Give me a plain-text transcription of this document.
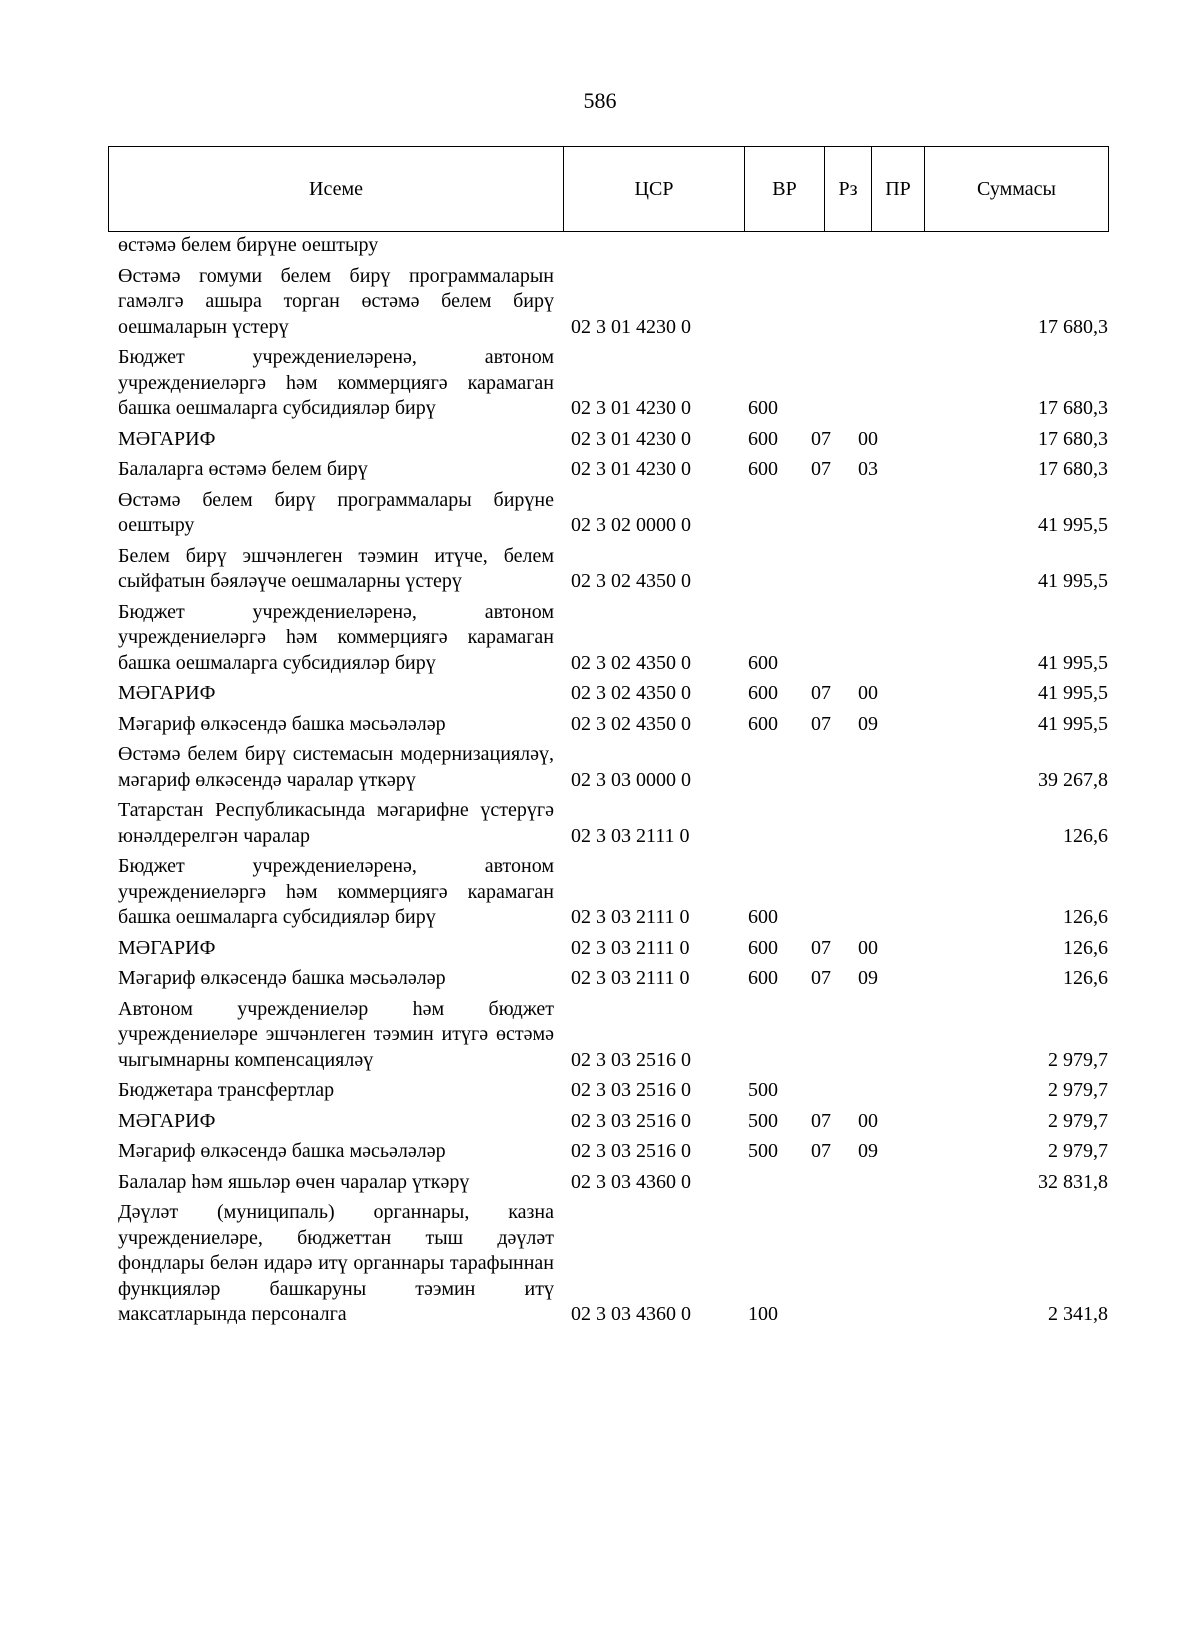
586
Исеме	ЦСР	ВР	Рз	ПР	Суммасы
өстәмә белем бирүне оештыру
Өстәмә гомуми белем бирү программаларын гамәлгә ашыра торган өстәмә белем бирү оешмаларын үстерү	02 3 01 4230 0	17 680,3
Бюджет учреждениеләренә, автоном учреждениеләргә һәм коммерциягә карамаган башка оешмаларга субсидияләр бирү	02 3 01 4230 0	600	17 680,3
МӘГАРИФ	02 3 01 4230 0	600 07 00	17 680,3
Балаларга өстәмә белем бирү	02 3 01 4230 0	600 07 03	17 680,3
Өстәмә белем бирү программалары бирүне оештыру	02 3 02 0000 0	41 995,5
Белем бирү эшчәнлеген тәэмин итүче, белем сыйфатын бәяләүче оешмаларны үстерү	02 3 02 4350 0	41 995,5
Бюджет учреждениеләренә, автоном учреждениеләргә һәм коммерциягә карамаган башка оешмаларга субсидияләр бирү	02 3 02 4350 0	600	41 995,5
МӘГАРИФ	02 3 02 4350 0	600 07 00	41 995,5
Мәгариф өлкәсендә башка мәсьәләләр	02 3 02 4350 0	600 07 09	41 995,5
Өстәмә белем бирү системасын модернизацияләү, мәгариф өлкәсендә чаралар үткәрү	02 3 03 0000 0	39 267,8
Татарстан Республикасында мәгарифне үстерүгә юнәлдерелгән чаралар	02 3 03 2111 0	126,6
Бюджет учреждениеләренә, автоном учреждениеләргә һәм коммерциягә карамаган башка оешмаларга субсидияләр бирү	02 3 03 2111 0	600	126,6
МӘГАРИФ	02 3 03 2111 0	600 07 00	126,6
Мәгариф өлкәсендә башка мәсьәләләр	02 3 03 2111 0	600 07 09	126,6
Автоном учреждениеләр һәм бюджет учреждениеләре эшчәнлеген тәэмин итүгә өстәмә чыгымнарны компенсацияләү	02 3 03 2516 0	2 979,7
Бюджетара трансфертлар	02 3 03 2516 0	500	2 979,7
МӘГАРИФ	02 3 03 2516 0	500 07 00	2 979,7
Мәгариф өлкәсендә башка мәсьәләләр	02 3 03 2516 0	500 07 09	2 979,7
Балалар һәм яшьләр өчен чаралар үткәрү	02 3 03 4360 0	32 831,8
Дәүләт (муниципаль) органнары, казна учреждениеләре, бюджеттан тыш дәүләт фондлары белән идарә итү органнары тарафыннан функцияләр башкаруны тәэмин итү максатларында персоналга	02 3 03 4360 0	100	2 341,8
